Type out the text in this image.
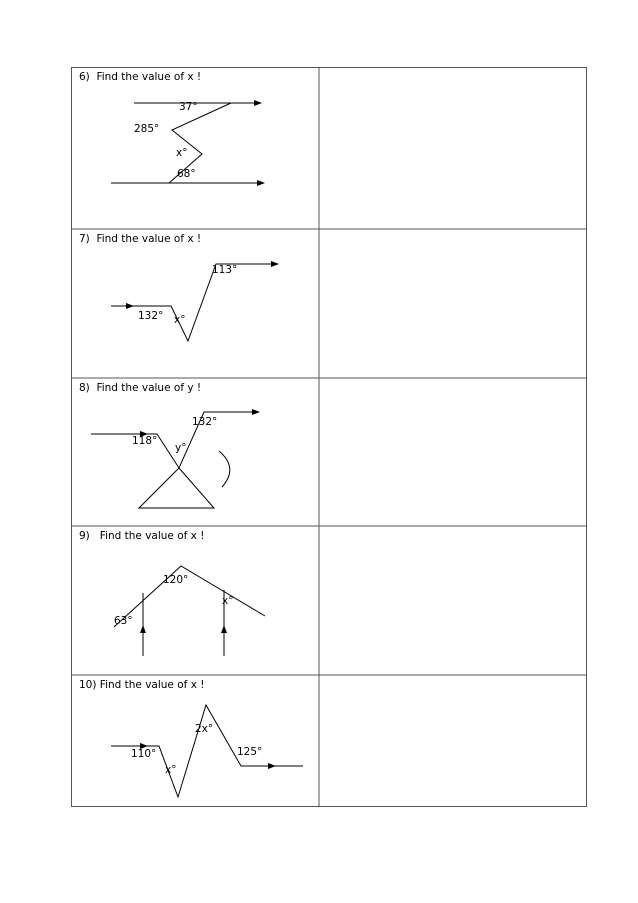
6)  Find the value of x !
37°
285°
x°
68°
7)  Find the value of x !
113°
132° x°
8)  Find the value of y !
132°
118°
y°
9)   Find the value of x !
120°
x°
63°
10) Find the value of x !
2x°
110°	125°
x°
